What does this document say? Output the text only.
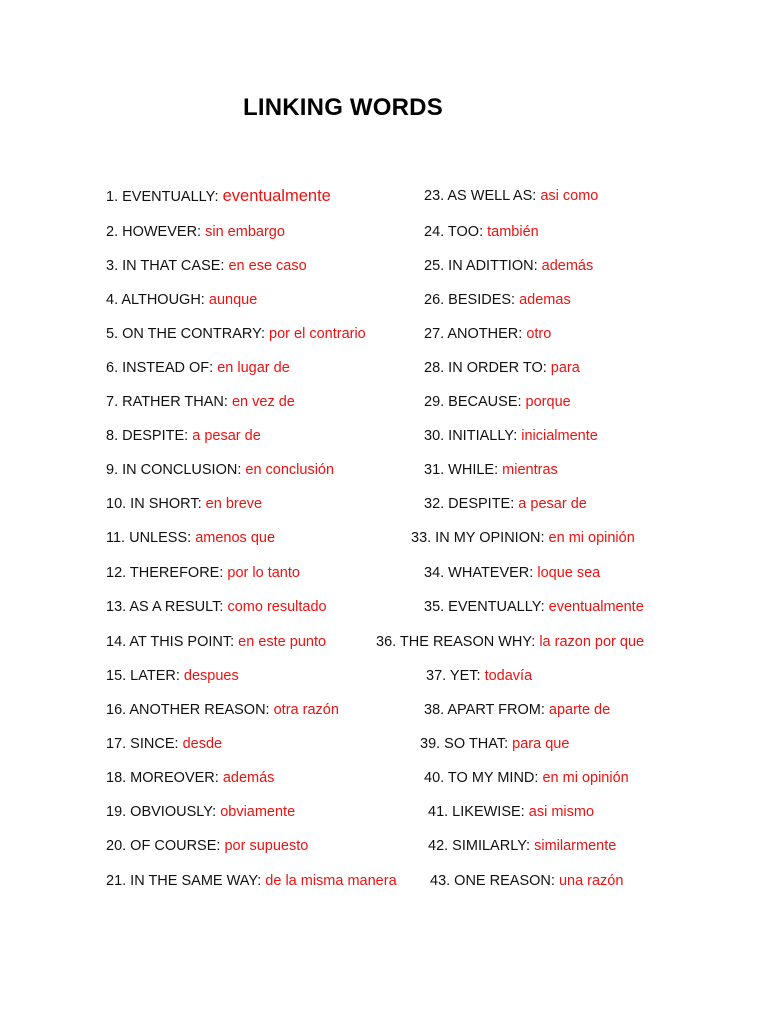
LINKING WORDS
1. EVENTUALLY: eventualmente
2. HOWEVER: sin embargo
3. IN THAT CASE: en ese caso
4. ALTHOUGH: aunque
5. ON THE CONTRARY: por el contrario
6. INSTEAD OF: en lugar de
7. RATHER THAN: en vez de
8. DESPITE: a pesar de
9. IN CONCLUSION: en conclusión
10. IN SHORT: en breve
11. UNLESS: amenos que
12. THEREFORE: por lo tanto
13. AS A RESULT: como resultado
14. AT THIS POINT: en este punto
15. LATER: despues
16. ANOTHER REASON: otra razón
17. SINCE: desde
18. MOREOVER: además
19. OBVIOUSLY: obviamente
20. OF COURSE: por supuesto
21. IN THE SAME WAY: de la misma manera
23. AS WELL AS: asi como
24. TOO: también
25. IN ADITTION: además
26. BESIDES: ademas
27. ANOTHER: otro
28. IN ORDER TO: para
29. BECAUSE: porque
30. INITIALLY: inicialmente
31. WHILE: mientras
32. DESPITE: a pesar de
33. IN MY OPINION: en mi opinión
34. WHATEVER: loque sea
35. EVENTUALLY: eventualmente
36. THE REASON WHY: la razon por que
37. YET: todavía
38. APART FROM: aparte de
39. SO THAT: para que
40. TO MY MIND: en mi opinión
41. LIKEWISE: asi mismo
42. SIMILARLY: similarmente
43. ONE REASON: una razón
